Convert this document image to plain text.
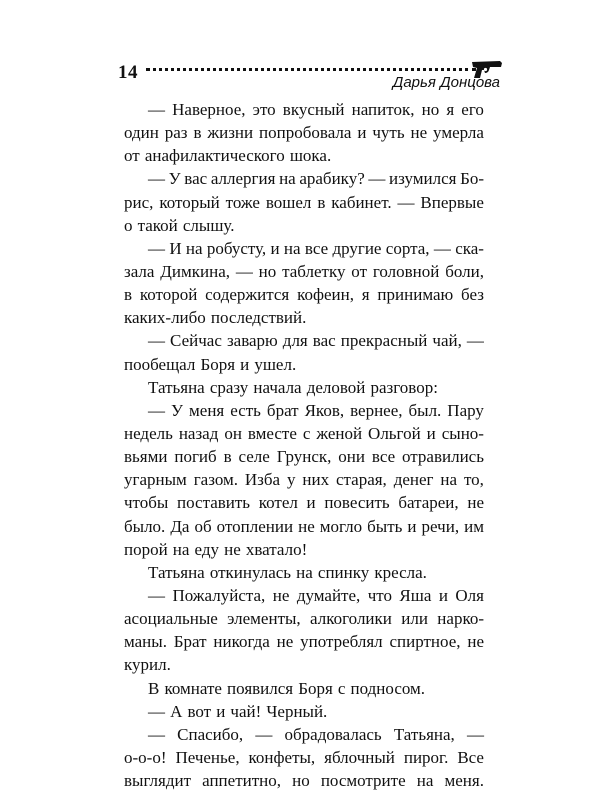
14	Дарья Донцова
— Наверное, это вкусный напиток, но я его
один раз в жизни попробовала и чуть не умерла
от анафилактического шока.
— У вас аллергия на арабику? — изумился Бо-
рис, который тоже вошел в кабинет. — Впервые
о такой слышу.
— И на робусту, и на все другие сорта, — ска-
зала Димкина, — но таблетку от головной боли,
в которой содержится кофеин, я принимаю без
каких-либо последствий.
— Сейчас заварю для вас прекрасный чай, —
пообещал Боря и ушел.
Татьяна сразу начала деловой разговор:
— У меня есть брат Яков, вернее, был. Пару
недель назад он вместе с женой Ольгой и сыно-
вьями погиб в селе Грунск, они все отравились
угарным газом. Изба у них старая, денег на то,
чтобы поставить котел и повесить батареи, не
было. Да об отоплении не могло быть и речи, им
порой на еду не хватало!
Татьяна откинулась на спинку кресла.
— Пожалуйста, не думайте, что Яша и Оля
асоциальные элементы, алкоголики или нарко-
маны. Брат никогда не употреблял спиртное, не
курил.
В комнате появился Боря с подносом.
— А вот и чай! Черный.
— Спасибо, — обрадовалась Татьяна, —
о-о-о! Печенье, конфеты, яблочный пирог. Все
выглядит аппетитно, но посмотрите на меня.
